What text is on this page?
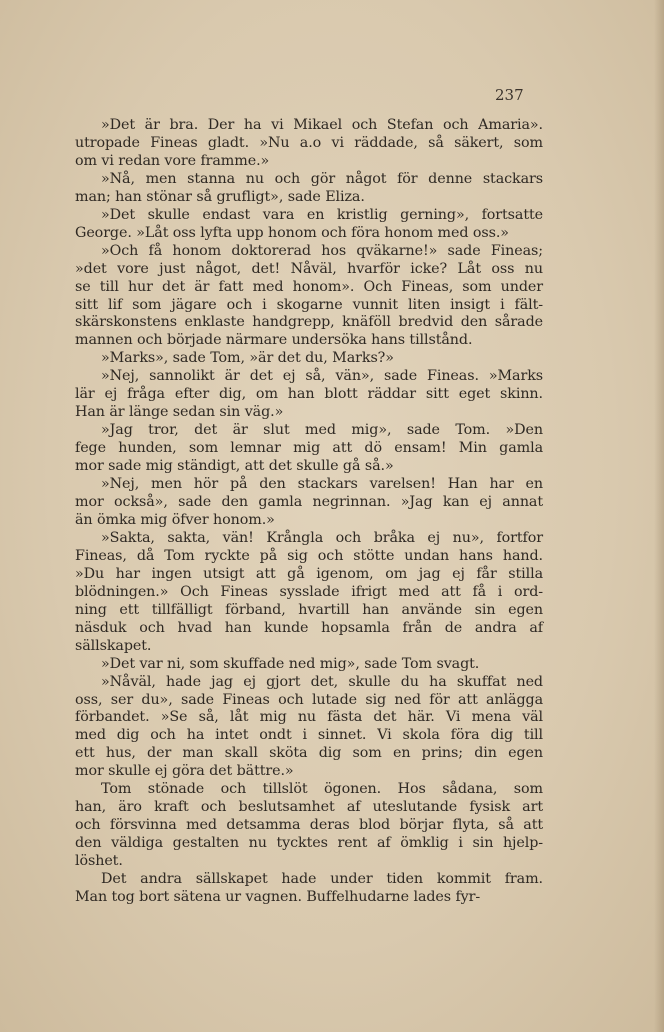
237
»Det är bra. Der ha vi Mikael och Stefan och Amaria».
utropade Fineas gladt. »Nu a.o vi räddade, så säkert, som
om vi redan vore framme.»
»Nå, men stanna nu och gör något för denne stackars
man; han stönar så grufligt», sade Eliza.
»Det skulle endast vara en kristlig gerning», fortsatte
George. »Låt oss lyfta upp honom och föra honom med oss.»
»Och få honom doktorerad hos qväkarne!» sade Fineas;
»det vore just något, det! Nåväl, hvarför icke? Låt oss nu
se till hur det är fatt med honom». Och Fineas, som under
sitt lif som jägare och i skogarne vunnit liten insigt i fält-
skärskonstens enklaste handgrepp, knäföll bredvid den sårade
mannen och började närmare undersöka hans tillstånd.
»Marks», sade Tom, »är det du, Marks?»
»Nej, sannolikt är det ej så, vän», sade Fineas. »Marks
lär ej fråga efter dig, om han blott räddar sitt eget skinn.
Han är länge sedan sin väg.»
»Jag tror, det är slut med mig», sade Tom. »Den
fege hunden, som lemnar mig att dö ensam! Min gamla
mor sade mig ständigt, att det skulle gå så.»
»Nej, men hör på den stackars varelsen! Han har en
mor också», sade den gamla negrinnan. »Jag kan ej annat
än ömka mig öfver honom.»
»Sakta, sakta, vän! Krångla och bråka ej nu», fortfor
Fineas, då Tom ryckte på sig och stötte undan hans hand.
»Du har ingen utsigt att gå igenom, om jag ej får stilla
blödningen.» Och Fineas sysslade ifrigt med att få i ord-
ning ett tillfälligt förband, hvartill han använde sin egen
näsduk och hvad han kunde hopsamla från de andra af
sällskapet.
»Det var ni, som skuffade ned mig», sade Tom svagt.
»Nåväl, hade jag ej gjort det, skulle du ha skuffat ned
oss, ser du», sade Fineas och lutade sig ned för att anlägga
förbandet. »Se så, låt mig nu fästa det här. Vi mena väl
med dig och ha intet ondt i sinnet. Vi skola föra dig till
ett hus, der man skall sköta dig som en prins; din egen
mor skulle ej göra det bättre.»
Tom stönade och tillslöt ögonen. Hos sådana, som
han, äro kraft och beslutsamhet af uteslutande fysisk art
och försvinna med detsamma deras blod börjar flyta, så att
den väldiga gestalten nu tycktes rent af ömklig i sin hjelp-
löshet.
Det andra sällskapet hade under tiden kommit fram.
Man tog bort sätena ur vagnen. Buffelhudarne lades fyr-
